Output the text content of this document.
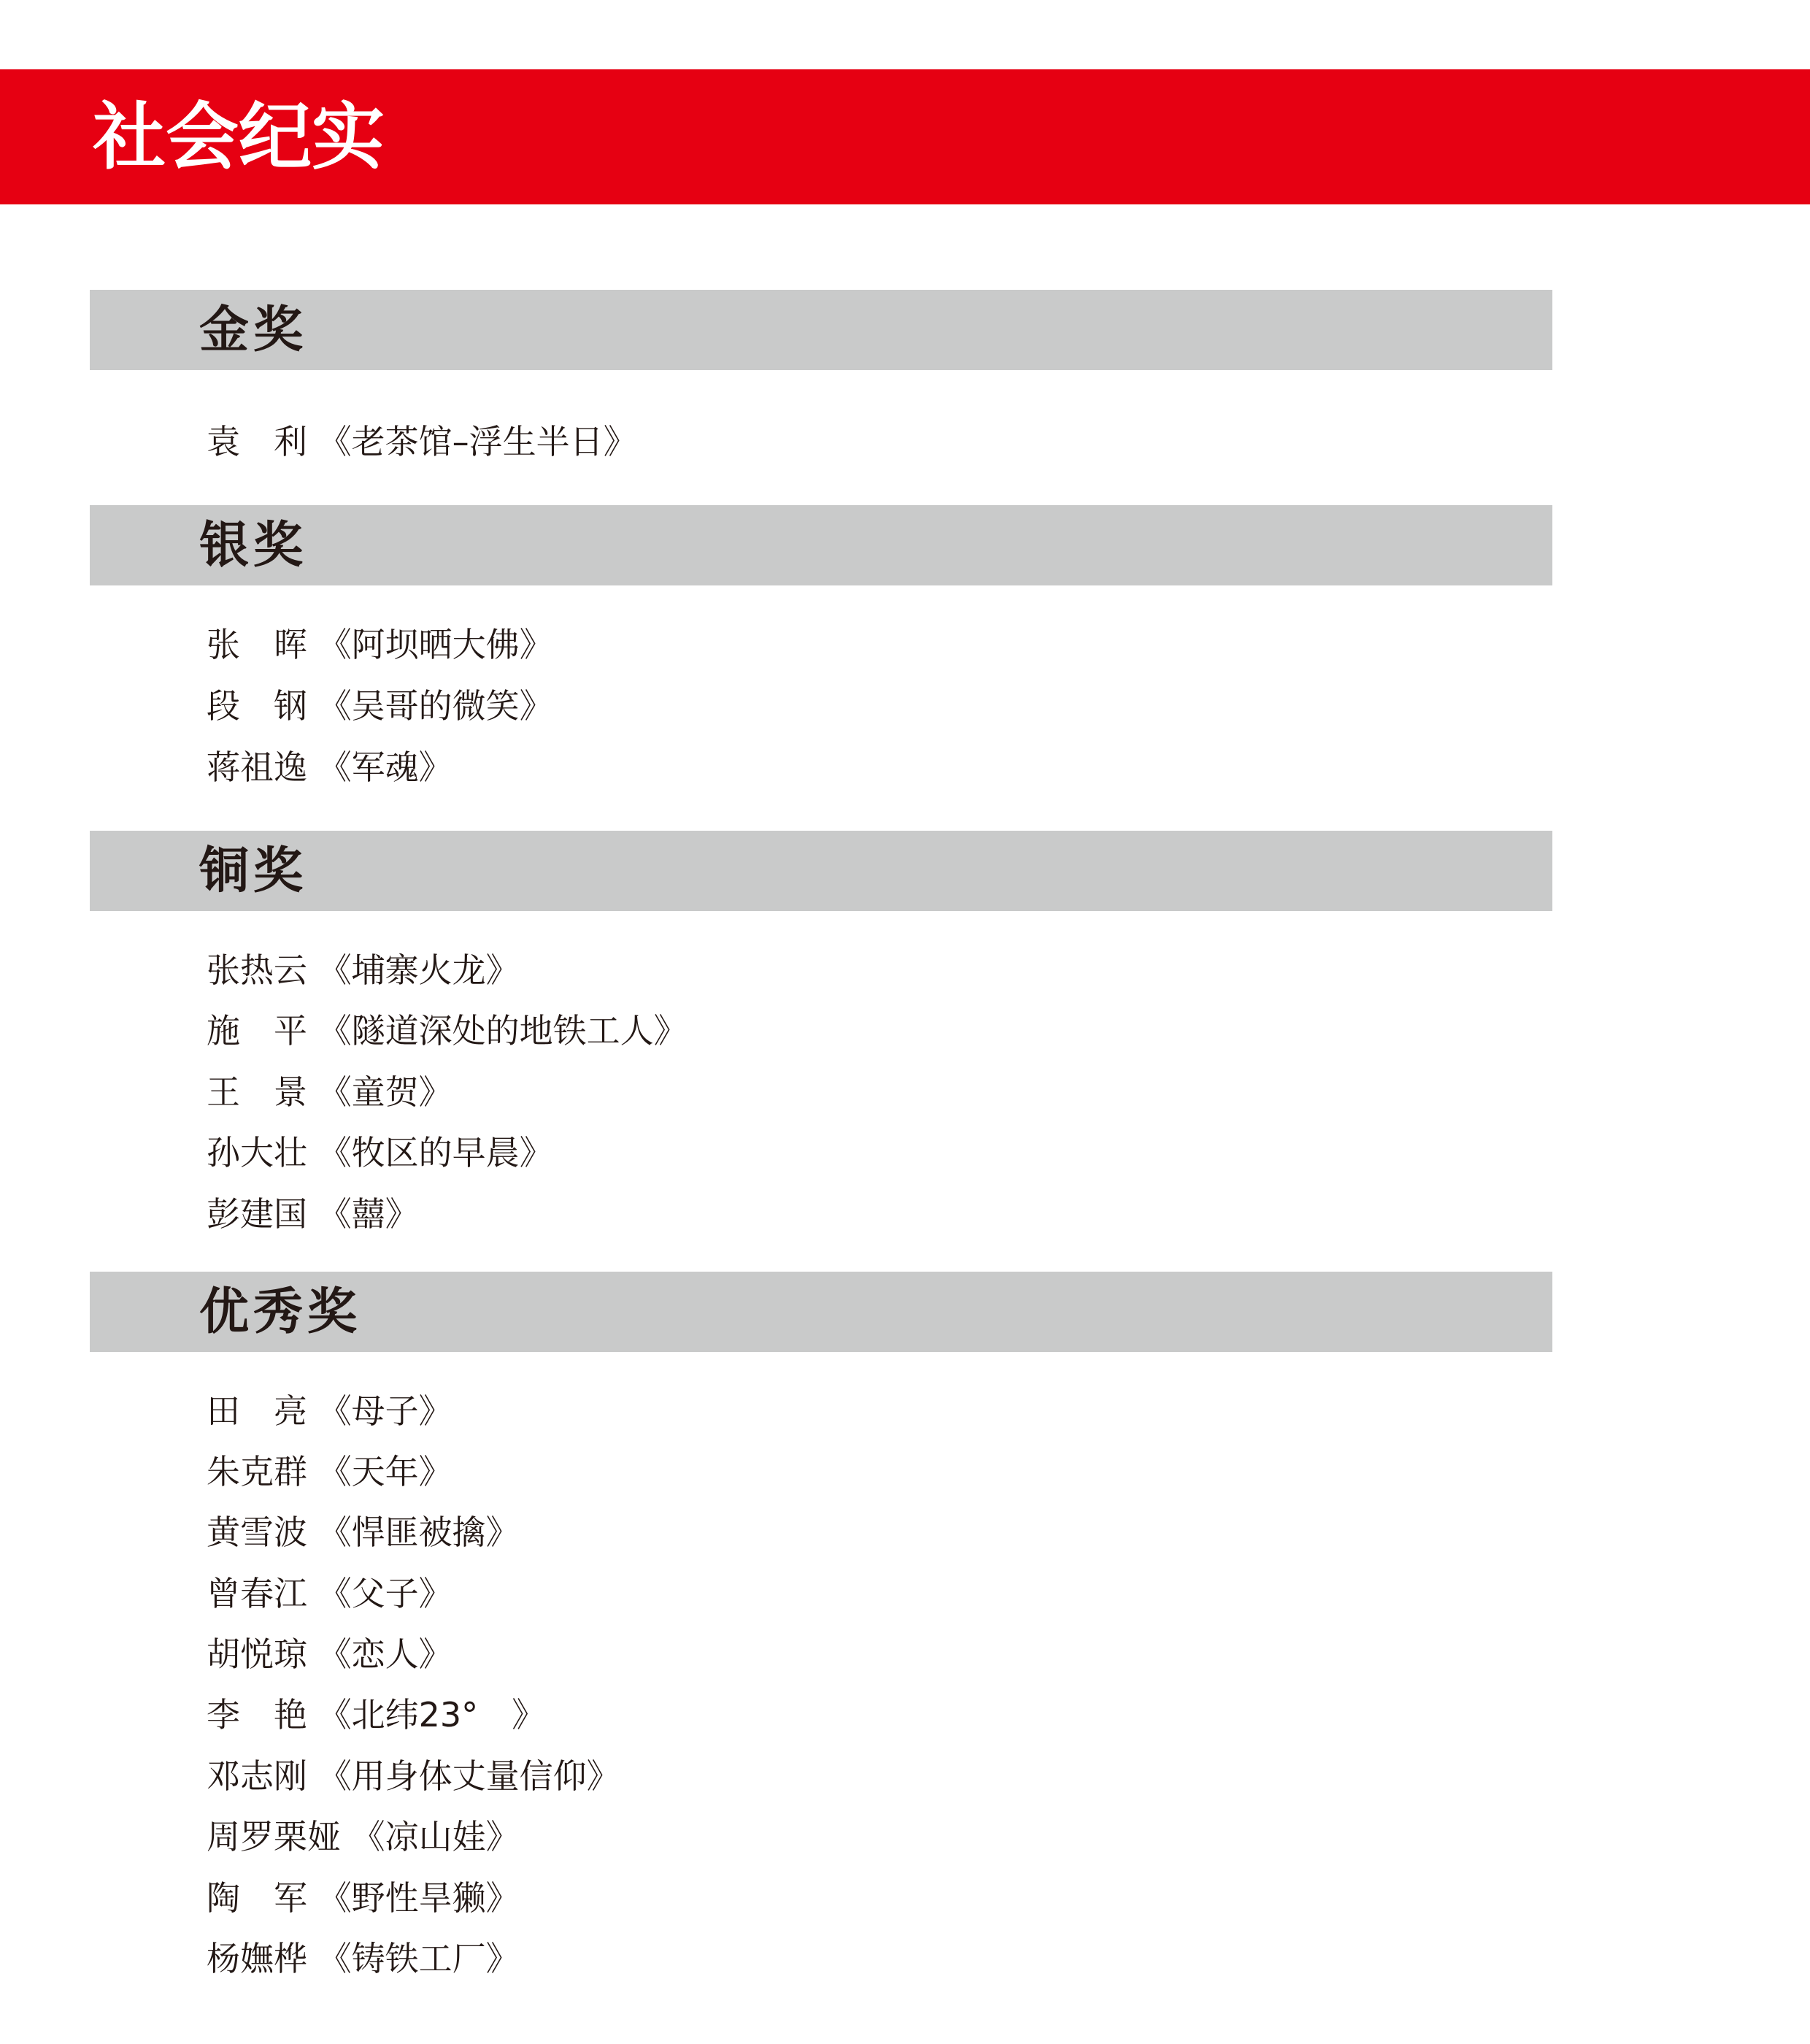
社会纪实
金奖
袁　利 《老茶馆–浮生半日》
银奖
张　晖 《阿坝晒大佛》
段　钢 《吴哥的微笑》
蒋祖逸 《军魂》
铜奖
张热云 《埔寨火龙》
施　平 《隧道深处的地铁工人》
王　景 《童贺》
孙大壮 《牧区的早晨》
彭建国 《囍》
优秀奖
田　亮 《母子》
朱克群 《天年》
黄雪波 《悍匪被擒》
曾春江 《父子》
胡悦琼 《恋人》
李　艳 《北纬23°　》
邓志刚 《用身体丈量信仰》
周罗栗娅 《凉山娃》
陶　军 《野性旱獭》
杨嫵桦 《铸铁工厂》
